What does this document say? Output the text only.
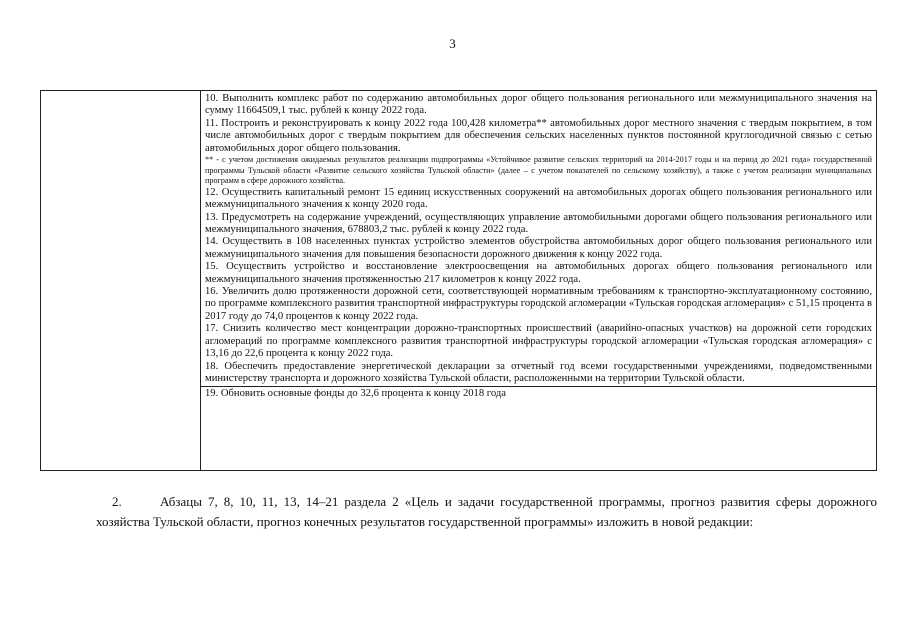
3

10. Выполнить комплекс работ по содержанию автомобильных дорог общего пользования регионального или межмуниципального значения на сумму 11664509,1 тыс. рублей к концу 2022 года.

11. Построить и реконструировать к концу 2022 года 100,428 километра** автомобильных дорог местного значения с твердым покрытием, в том числе автомобильных дорог с твердым покрытием для обеспечения сельских населенных пунктов постоянной круглогодичной связью с сетью автомобильных дорог общего пользования.

** - с учетом достижения ожидаемых результатов реализации подпрограммы «Устойчивое развитие сельских территорий на 2014-2017 годы и на период до 2021 года» государственной программы Тульской области «Развитие сельского хозяйства Тульской области» (далее – с учетом показателей по сельскому хозяйству), а также с учетом реализации муниципальных программ в сфере дорожного хозяйства.

12. Осуществить капитальный ремонт 15 единиц искусственных сооружений на автомобильных дорогах общего пользования регионального или межмуниципального значения к концу 2020 года.

13. Предусмотреть на содержание учреждений, осуществляющих управление автомобильными дорогами общего пользования регионального или межмуниципального значения, 678803,2 тыс. рублей к концу 2022 года.

14. Осуществить в 108 населенных пунктах устройство элементов обустройства автомобильных дорог общего пользования регионального или межмуниципального значения для повышения безопасности дорожного движения к концу 2022 года.

15. Осуществить устройство и восстановление электроосвещения на автомобильных дорогах общего пользования регионального или межмуниципального значения протяженностью 217 километров к концу 2022 года.

16. Увеличить долю протяженности дорожной сети, соответствующей нормативным требованиям к транспортно-эксплуатационному состоянию, по программе комплексного развития транспортной инфраструктуры городской агломерации «Тульская городская агломерация» с 51,15 процента в 2017 году до 74,0 процентов к концу 2022 года.

17. Снизить количество мест концентрации дорожно-транспортных происшествий (аварийно-опасных участков) на дорожной сети городских агломераций по программе комплексного развития транспортной инфраструктуры городской агломерации «Тульская городская агломерация» с 13,16 до 22,6 процента к концу 2022 года.

18. Обеспечить предоставление энергетической декларации за отчетный год всеми государственными учреждениями, подведомственными министерству транспорта и дорожного хозяйства Тульской области, расположенными на территории Тульской области.

19. Обновить основные фонды до 32,6 процента к концу 2018 года

2.	Абзацы 7, 8, 10, 11, 13, 14–21 раздела 2 «Цель и задачи государственной программы, прогноз развития сферы дорожного хозяйства Тульской области, прогноз конечных результатов государственной программы» изложить в новой редакции:
